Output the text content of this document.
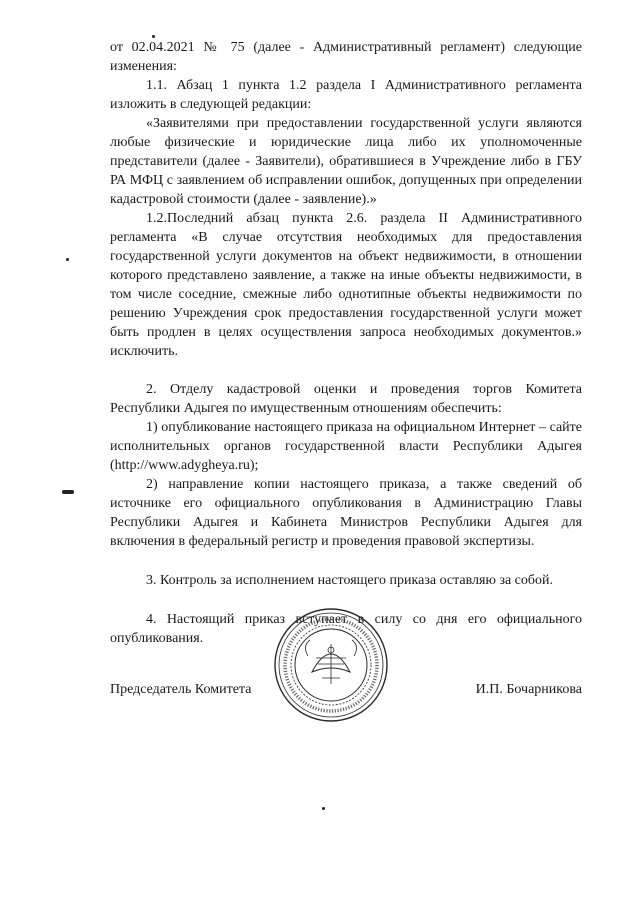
от 02.04.2021 № 75 (далее - Административный регламент) следующие изменения:

1.1. Абзац 1 пункта 1.2 раздела I Административного регламента изложить в следующей редакции:

«Заявителями при предоставлении государственной услуги являются любые физические и юридические лица либо их уполномоченные представители (далее - Заявители), обратившиеся в Учреждение либо в ГБУ РА МФЦ с заявлением об исправлении ошибок, допущенных при определении кадастровой стоимости (далее - заявление).»

1.2.Последний абзац пункта 2.6. раздела II Административного регламента «В случае отсутствия необходимых для предоставления государственной услуги документов на объект недвижимости, в отношении которого представлено заявление, а также на иные объекты недвижимости, в том числе соседние, смежные либо однотипные объекты недвижимости по решению Учреждения срок предоставления государственной услуги может быть продлен в целях осуществления запроса необходимых документов.» исключить.

2. Отделу кадастровой оценки и проведения торгов Комитета Республики Адыгея по имущественным отношениям обеспечить:

1) опубликование настоящего приказа на официальном Интернет – сайте исполнительных органов государственной власти Республики Адыгея (http://www.adygheya.ru);

2) направление копии настоящего приказа, а также сведений об источнике его официального опубликования в Администрацию Главы Республики Адыгея и Кабинета Министров Республики Адыгея для включения в федеральный регистр и проведения правовой экспертизы.

3. Контроль за исполнением настоящего приказа оставляю за собой.

4. Настоящий приказ вступает в силу со дня его официального опубликования.

Председатель Комитета	И.П. Бочарникова
